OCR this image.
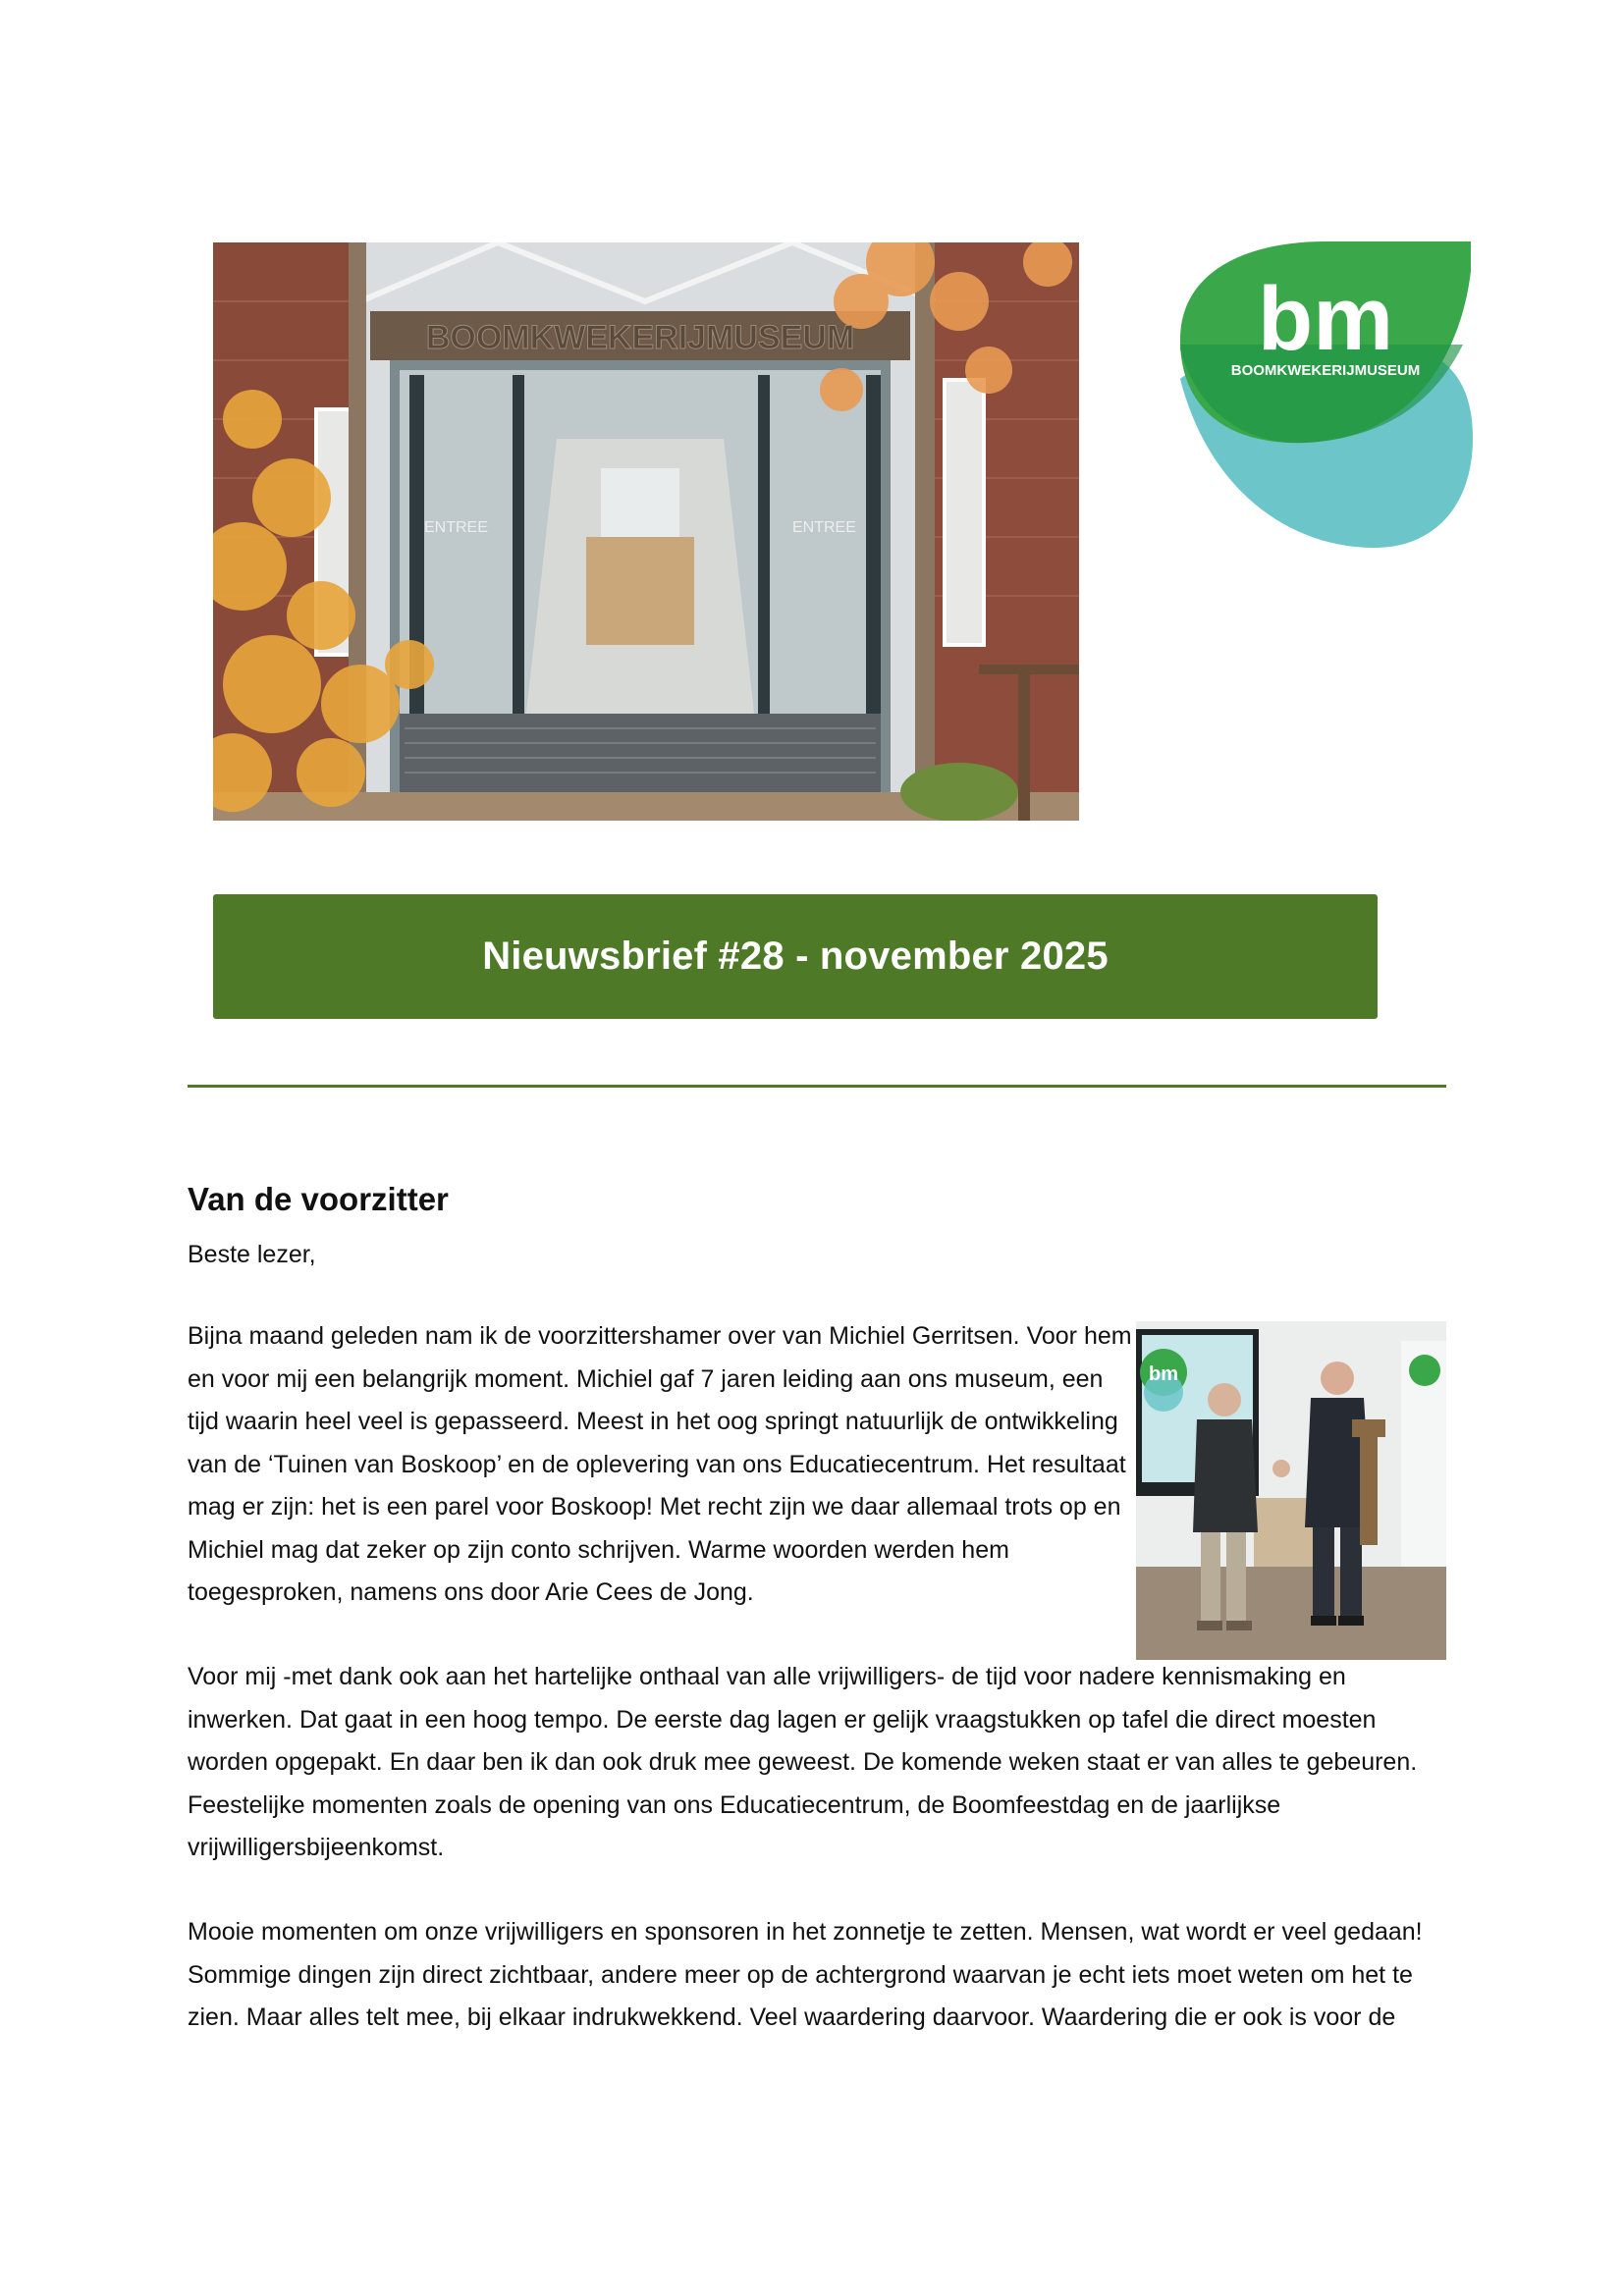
BOOMKWEKERIJMUSEUM
ENTREE	ENTREE
bm
BOOMKWEKERIJMUSEUM
Nieuwsbrief #28 - november 2025
Van de voorzitter
Beste lezer,

Bijna maand geleden nam ik de voorzittershamer over van Michiel Gerritsen. Voor hem en voor mij een belangrijk moment. Michiel gaf 7 jaren leiding aan ons museum, een tijd waarin heel veel is gepasseerd. Meest in het oog springt natuurlijk de ontwikkeling van de ‘Tuinen van Boskoop’ en de oplevering van ons Educatiecentrum. Het resultaat mag er zijn: het is een parel voor Boskoop! Met recht zijn we daar allemaal trots op en Michiel mag dat zeker op zijn conto schrijven. Warme woorden werden hem toegesproken, namens ons door Arie Cees de Jong.

bm

Voor mij -met dank ook aan het hartelijke onthaal van alle vrijwilligers- de tijd voor nadere kennismaking en inwerken. Dat gaat in een hoog tempo. De eerste dag lagen er gelijk vraagstukken op tafel die direct moesten worden opgepakt. En daar ben ik dan ook druk mee geweest. De komende weken staat er van alles te gebeuren. Feestelijke momenten zoals de opening van ons Educatiecentrum, de Boomfeestdag en de jaarlijkse vrijwilligersbijeenkomst.

Mooie momenten om onze vrijwilligers en sponsoren in het zonnetje te zetten. Mensen, wat wordt er veel gedaan! Sommige dingen zijn direct zichtbaar, andere meer op de achtergrond waarvan je echt iets moet weten om het te zien. Maar alles telt mee, bij elkaar indrukwekkend. Veel waardering daarvoor. Waardering die er ook is voor de
